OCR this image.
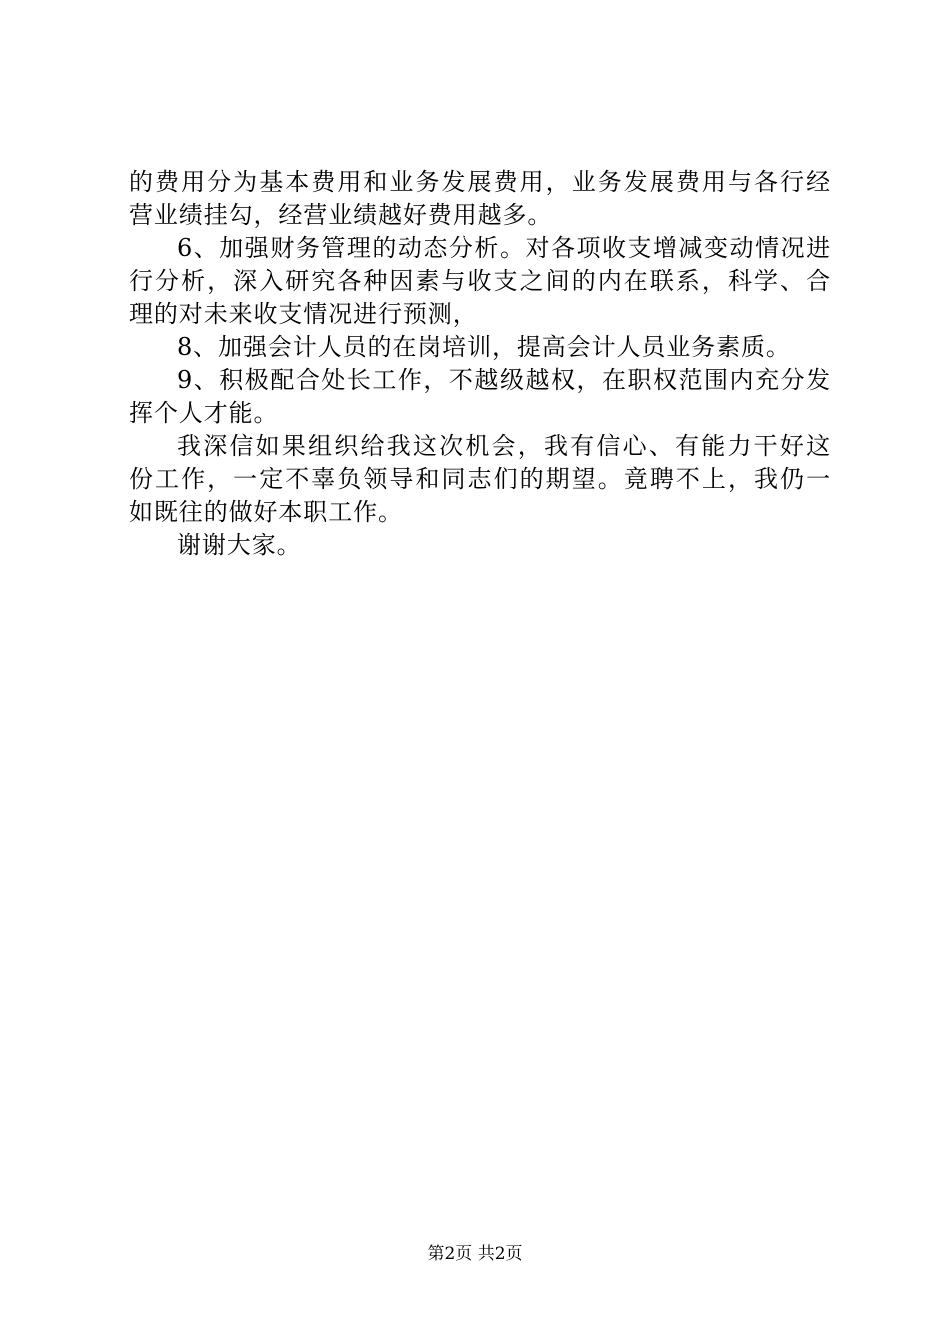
的费用分为基本费用和业务发展费用，业务发展费用与各行经
营业绩挂勾，经营业绩越好费用越多。
6、加强财务管理的动态分析。对各项收支增减变动情况进
行分析，深入研究各种因素与收支之间的内在联系，科学、合
理的对未来收支情况进行预测，
8、加强会计人员的在岗培训，提高会计人员业务素质。
9、积极配合处长工作，不越级越权，在职权范围内充分发
挥个人才能。
我深信如果组织给我这次机会，我有信心、有能力干好这
份工作，一定不辜负领导和同志们的期望。竟聘不上，我仍一
如既往的做好本职工作。
谢谢大家。
第2页 共2页
